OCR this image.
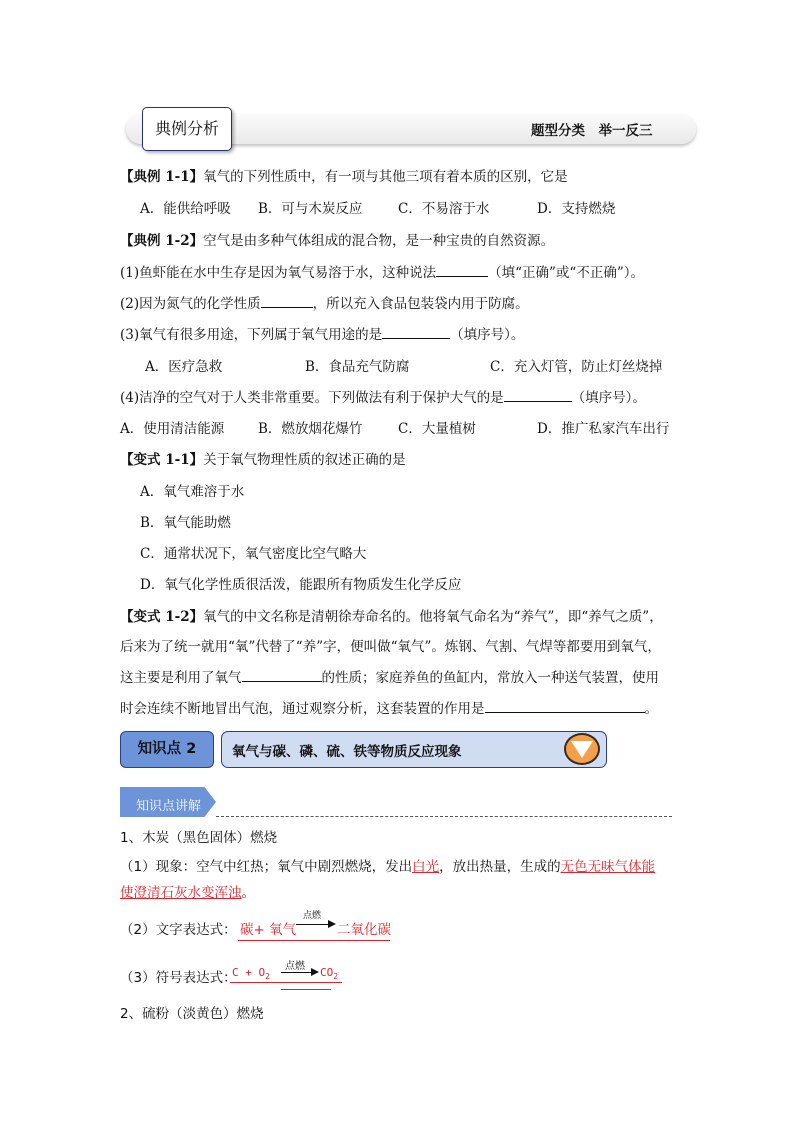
典例分析	题型分类　举一反三
【典例 1-1】氧气的下列性质中，有一项与其他三项有着本质的区别，它是
A．能供给呼吸 B．可与木炭反应	C．不易溶于水	D．支持燃烧
【典例 1-2】空气是由多种气体组成的混合物，是一种宝贵的自然资源。
(1)鱼虾能在水中生存是因为氧气易溶于水，这种说法	（填“正确”或“不正确”）。
(2)因为氮气的化学性质	，所以充入食品包装袋内用于防腐。
(3)氧气有很多用途，下列属于氧气用途的是	（填序号）。
A．医疗急救	B．食品充气防腐	C．充入灯管，防止灯丝烧掉
(4)洁净的空气对于人类非常重要。下列做法有利于保护大气的是	（填序号）。
A．使用清洁能源	B．燃放烟花爆竹	C．大量植树	D．推广私家汽车出行
【变式 1-1】关于氧气物理性质的叙述正确的是
A．氧气难溶于水
B．氧气能助燃
C．通常状况下，氧气密度比空气略大
D．氧气化学性质很活泼，能跟所有物质发生化学反应
【变式 1-2】氧气的中文名称是清朝徐寿命名的。他将氧气命名为“养气”，即“养气之质”，
后来为了统一就用“氧”代替了“养”字，便叫做“氧气”。炼钢、气割、气焊等都要用到氧气，
这主要是利用了氧气	的性质；家庭养鱼的鱼缸内，常放入一种送气装置，使用
时会连续不断地冒出气泡，通过观察分析，这套装置的作用是	。
知识点 2	氧气与碳、磷、硫、铁等物质反应现象
知识点讲解
1、木炭（黑色固体）燃烧
（1）现象：空气中红热；氧气中剧烈燃烧，发出白光，放出热量，生成的无色无味气体能
使澄清石灰水变浑浊。
（2）文字表达式： 碳+ 氧气
点燃
二氧化碳
（3）符号表达式：
$C + O_2$
点燃 $CO_2$
2、硫粉（淡黄色）燃烧
